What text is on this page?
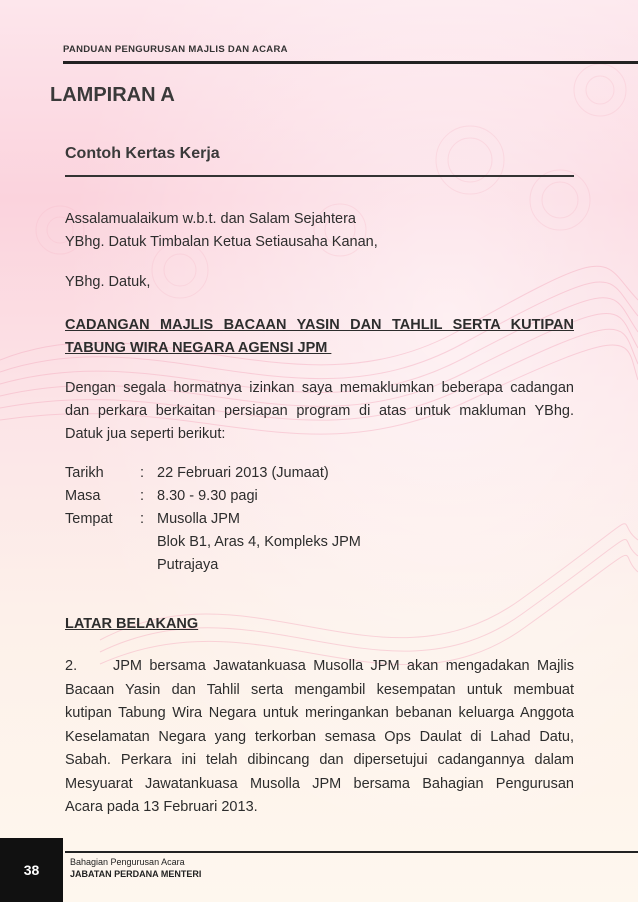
PANDUAN PENGURUSAN MAJLIS DAN ACARA
LAMPIRAN A
Contoh Kertas Kerja
Assalamualaikum w.b.t. dan Salam Sejahtera
YBhg. Datuk Timbalan Ketua Setiausaha Kanan,
YBhg. Datuk,
CADANGAN MAJLIS BACAAN YASIN DAN TAHLIL SERTA KUTIPAN
TABUNG WIRA NEGARA AGENSI JPM
Dengan segala hormatnya izinkan saya memaklumkan beberapa cadangan
dan perkara berkaitan persiapan program di atas untuk makluman YBhg.
Datuk jua seperti berikut:
Tarikh	: 22 Februari 2013 (Jumaat)
Masa	: 8.30 - 9.30 pagi
Tempat : Musolla JPM
Blok B1, Aras 4, Kompleks JPM
Putrajaya
LATAR BELAKANG
2. JPM bersama Jawatankuasa Musolla JPM akan mengadakan Majlis
Bacaan Yasin dan Tahlil serta mengambil kesempatan untuk membuat
kutipan Tabung Wira Negara untuk meringankan bebanan keluarga Anggota
Keselamatan Negara yang terkorban semasa Ops Daulat di Lahad Datu,
Sabah. Perkara ini telah dibincang dan dipersetujui cadangannya dalam
Mesyuarat Jawatankuasa Musolla JPM bersama Bahagian Pengurusan
Acara pada 13 Februari 2013.
38	Bahagian Pengurusan Acara
JABATAN PERDANA MENTERI
